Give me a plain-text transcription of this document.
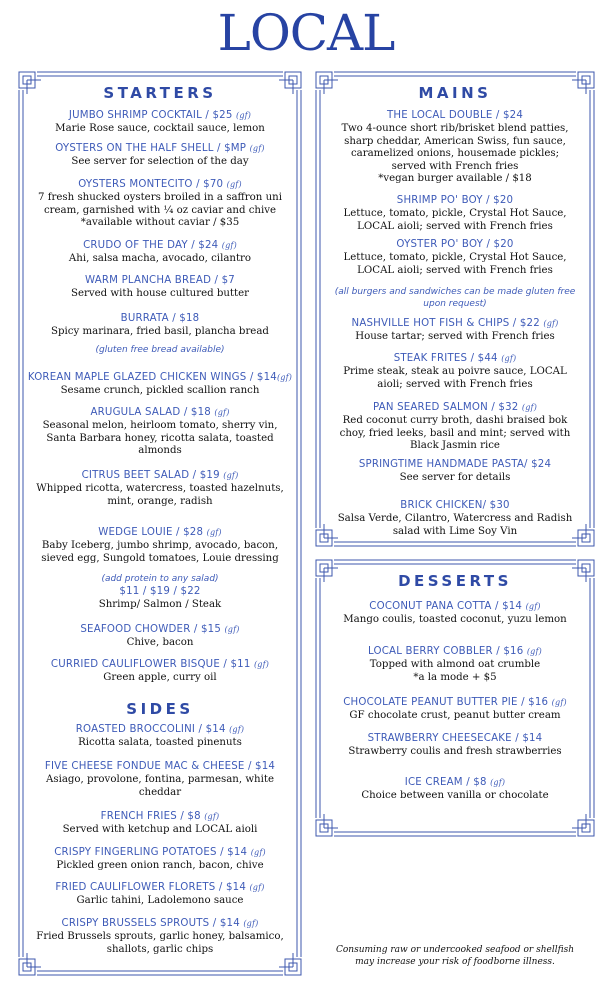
LOCAL
STARTERS
JUMBO SHRIMP COCKTAIL / $25 $^{(gf)}$
Marie Rose sauce, cocktail sauce, lemon
OYSTERS ON THE HALF SHELL / $MP $^{(gf)}$
See server for selection of the day
OYSTERS MONTECITO / $70 $^{(gf)}$
7 fresh shucked oysters broiled in a saffron uni
cream, garnished with ¼ oz caviar and chive
*available without caviar / $35
CRUDO OF THE DAY / $24 $^{(gf)}$
Ahi, salsa macha, avocado, cilantro
WARM PLANCHA BREAD / $7
Served with house cultured butter
BURRATA / $18
Spicy marinara, fried basil, plancha bread
(gluten free bread available)
KOREAN MAPLE GLAZED CHICKEN WINGS / $\$14^{(gf)}$
Sesame crunch, pickled scallion ranch
ARUGULA SALAD / $18 $^{(gf)}$
Seasonal melon, heirloom tomato, sherry vin,
Santa Barbara honey, ricotta salata, toasted
almonds
CITRUS BEET SALAD / $19 $^{(gf)}$
Whipped ricotta, watercress, toasted hazelnuts,
mint, orange, radish
WEDGE LOUIE / $28 $^{(gf)}$
Baby Iceberg, jumbo shrimp, avocado, bacon,
sieved egg, Sungold tomatoes, Louie dressing
(add protein to any salad)
$11 / $19 / $22
Shrimp/ Salmon / Steak
SEAFOOD CHOWDER / $15 $^{(gf)}$
Chive, bacon
CURRIED CAULIFLOWER BISQUE / $11 $^{(gf)}$
Green apple, curry oil
SIDES
ROASTED BROCCOLINI / $14 $^{(gf)}$
Ricotta salata, toasted pinenuts
FIVE CHEESE FONDUE MAC & CHEESE / $14
Asiago, provolone, fontina, parmesan, white
cheddar
FRENCH FRIES / $8 $^{(gf)}$
Served with ketchup and LOCAL aioli
CRISPY FINGERLING POTATOES / $14 $^{(gf)}$
Pickled green onion ranch, bacon, chive
FRIED CAULIFLOWER FLORETS / $14 $^{(gf)}$
Garlic tahini, Ladolemono sauce
CRISPY BRUSSELS SPROUTS / $14 $^{(gf)}$
Fried Brussels sprouts, garlic honey, balsamico,
shallots, garlic chips
MAINS
THE LOCAL DOUBLE / $24
Two 4-ounce short rib/brisket blend patties,
sharp cheddar, American Swiss, fun sauce,
caramelized onions, housemade pickles;
served with French fries
*vegan burger available / $18
SHRIMP PO' BOY / $20
Lettuce, tomato, pickle, Crystal Hot Sauce,
LOCAL aioli; served with French fries
OYSTER PO' BOY / $20
Lettuce, tomato, pickle, Crystal Hot Sauce,
LOCAL aioli; served with French fries
(all burgers and sandwiches can be made gluten free
upon request)
NASHVILLE HOT FISH & CHIPS / $22 $^{(gf)}$
House tartar; served with French fries
STEAK FRITES / $44 $^{(gf)}$
Prime steak, steak au poivre sauce, LOCAL
aioli; served with French fries
PAN SEARED SALMON / $32 $^{(gf)}$
Red coconut curry broth, dashi braised bok
choy, fried leeks, basil and mint; served with
Black Jasmin rice
SPRINGTIME HANDMADE PASTA/ $24
See server for details
BRICK CHICKEN/ $30
Salsa Verde, Cilantro, Watercress and Radish
salad with Lime Soy Vin
DESSERTS
COCONUT PANA COTTA / $14 $^{(gf)}$
Mango coulis, toasted coconut, yuzu lemon
LOCAL BERRY COBBLER / $16 $^{(gf)}$
Topped with almond oat crumble
*a la mode + $5
CHOCOLATE PEANUT BUTTER PIE / $16 $^{(gf)}$
GF chocolate crust, peanut butter cream
STRAWBERRY CHEESECAKE / $14
Strawberry coulis and fresh strawberries
ICE CREAM / $8 $^{(gf)}$
Choice between vanilla or chocolate
Consuming raw or undercooked seafood or shellfish
may increase your risk of foodborne illness.
